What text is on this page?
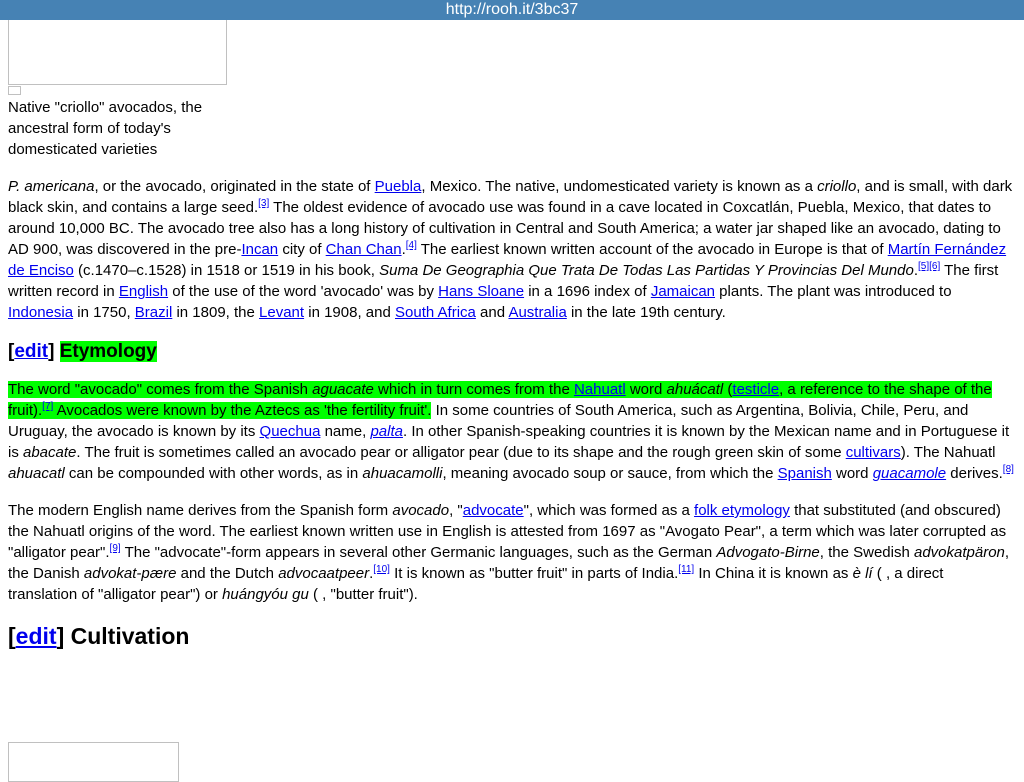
http://rooh.it/3bc37
Native "criollo" avocados, the ancestral form of today's domesticated varieties

P. americana, or the avocado, originated in the state of Puebla, Mexico. The native, undomesticated variety is known as a criollo, and is small, with dark black skin, and contains a large seed.[3] The oldest evidence of avocado use was found in a cave located in Coxcatlán, Puebla, Mexico, that dates to around 10,000 BC. The avocado tree also has a long history of cultivation in Central and South America; a water jar shaped like an avocado, dating to AD 900, was discovered in the pre-Incan city of Chan Chan.[4] The earliest known written account of the avocado in Europe is that of Martín Fernández de Enciso (c.1470–c.1528) in 1518 or 1519 in his book, Suma De Geographia Que Trata De Todas Las Partidas Y Provincias Del Mundo.[5][6] The first written record in English of the use of the word 'avocado' was by Hans Sloane in a 1696 index of Jamaican plants. The plant was introduced to Indonesia in 1750, Brazil in 1809, the Levant in 1908, and South Africa and Australia in the late 19th century.

[edit] Etymology

The word "avocado" comes from the Spanish aguacate which in turn comes from the Nahuatl word ahuácatl (testicle, a reference to the shape of the fruit).[7] Avocados were known by the Aztecs as 'the fertility fruit'. In some countries of South America, such as Argentina, Bolivia, Chile, Peru, and Uruguay, the avocado is known by its Quechua name, palta. In other Spanish-speaking countries it is known by the Mexican name and in Portuguese it is abacate. The fruit is sometimes called an avocado pear or alligator pear (due to its shape and the rough green skin of some cultivars). The Nahuatl ahuacatl can be compounded with other words, as in ahuacamolli, meaning avocado soup or sauce, from which the Spanish word guacamole derives.[8]

The modern English name derives from the Spanish form avocado, "advocate", which was formed as a folk etymology that substituted (and obscured) the Nahuatl origins of the word. The earliest known written use in English is attested from 1697 as "Avogato Pear", a term which was later corrupted as "alligator pear".[9] The "advocate"-form appears in several other Germanic languages, such as the German Advogato-Birne, the Swedish advokatpäron, the Danish advokat-pære and the Dutch advocaatpeer.[10] It is known as "butter fruit" in parts of India.[11] In China it is known as è lí ( , a direct translation of "alligator pear") or huángyóu gu ( , "butter fruit").

[edit] Cultivation
